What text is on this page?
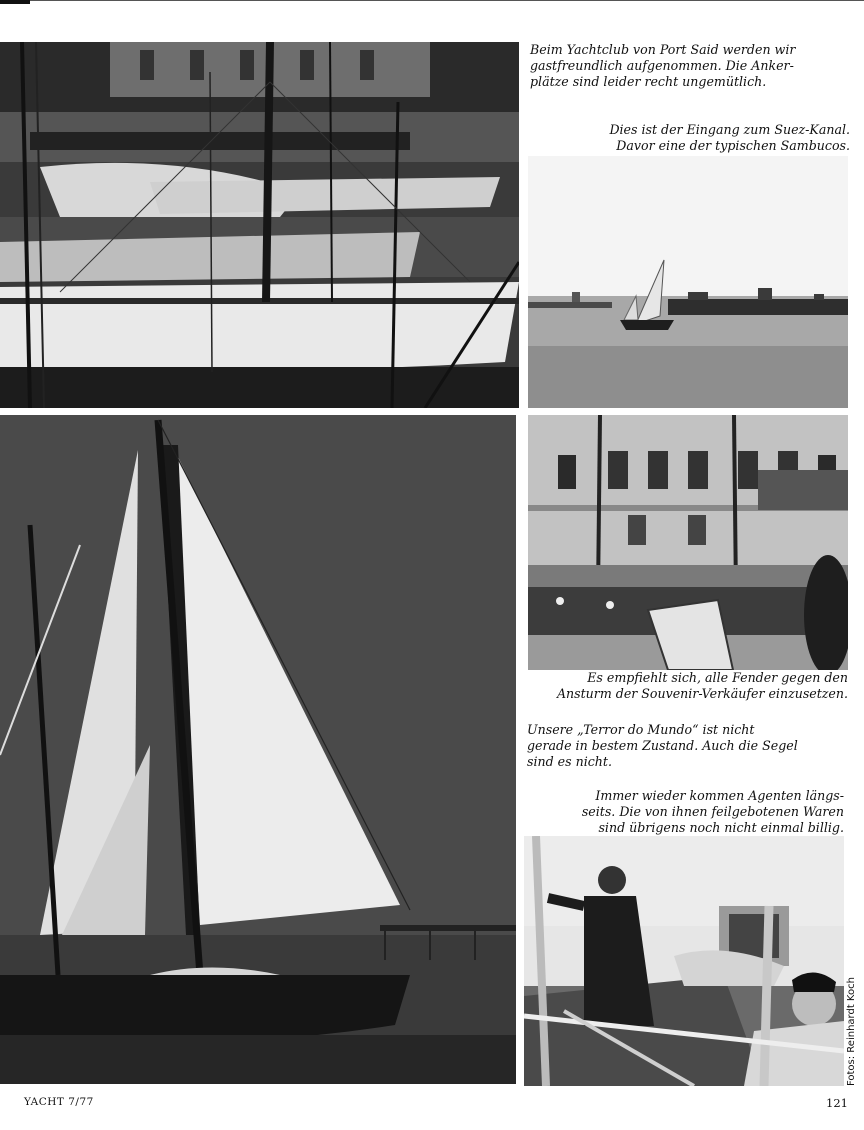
Beim Yachtclub von Port Said werden wir
gastfreundlich aufgenommen. Die Anker-
plätze sind leider recht ungemütlich.

Dies ist der Eingang zum Suez-Kanal.
Davor eine der typischen Sambucos.

Es empfiehlt sich, alle Fender gegen den
Ansturm der Souvenir-Verkäufer einzusetzen.

Unsere „Terror do Mundo“ ist nicht
gerade in bestem Zustand. Auch die Segel
sind es nicht.

Immer wieder kommen Agenten längs-
seits. Die von ihnen feilgebotenen Waren
sind übrigens noch nicht einmal billig.

YACHT 7/77	121
Fotos: Reinhardt Koch
